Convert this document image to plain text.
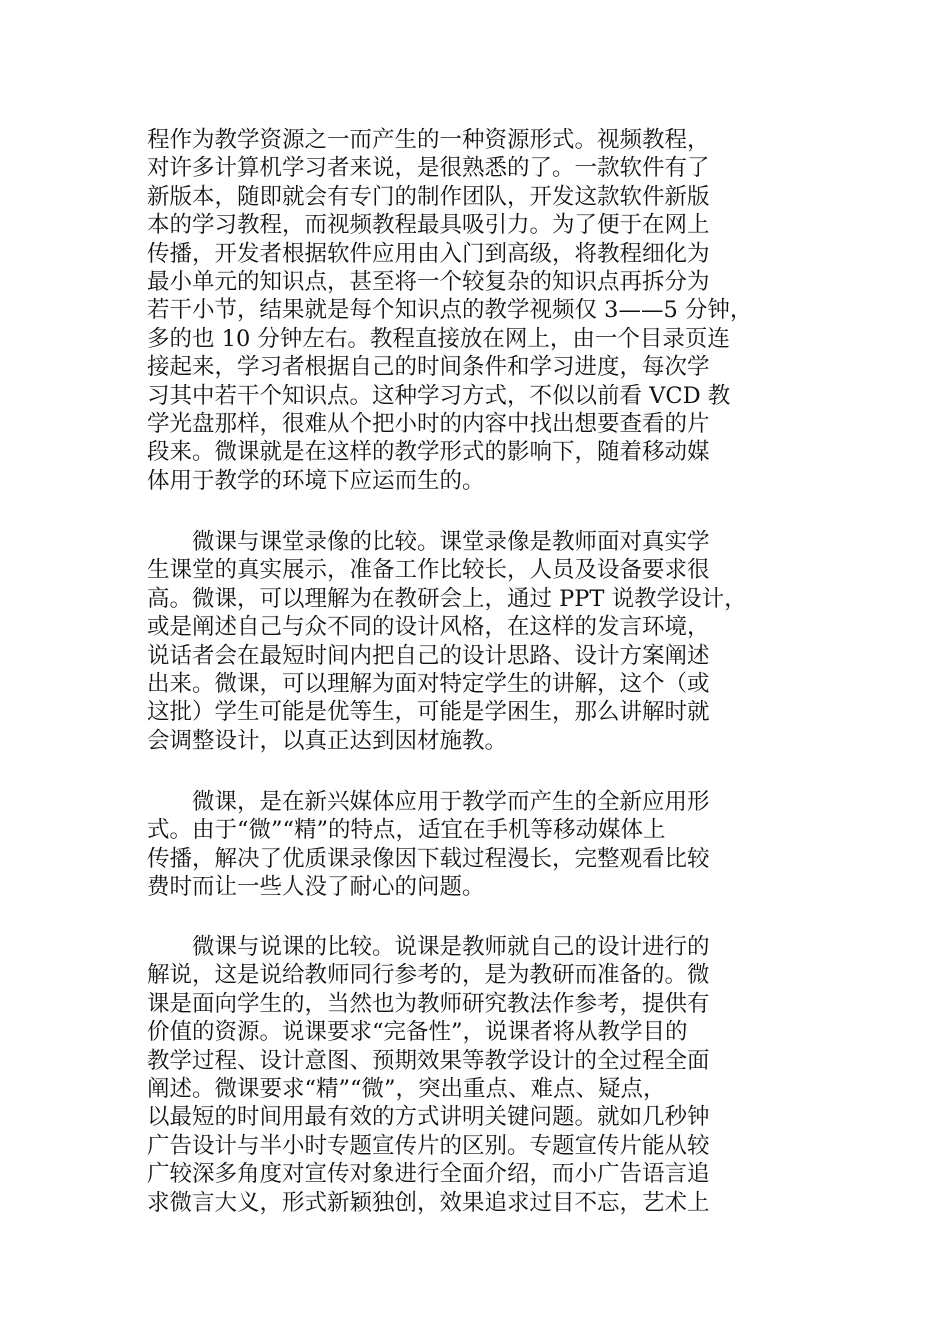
程作为教学资源之一而产生的一种资源形式。视频教程，
对许多计算机学习者来说，是很熟悉的了。一款软件有了
新版本，随即就会有专门的制作团队，开发这款软件新版
本的学习教程，而视频教程最具吸引力。为了便于在网上
传播，开发者根据软件应用由入门到高级，将教程细化为
最小单元的知识点，甚至将一个较复杂的知识点再拆分为
若干小节，结果就是每个知识点的教学视频仅 3——5 分钟，
多的也 10 分钟左右。教程直接放在网上，由一个目录页连
接起来，学习者根据自己的时间条件和学习进度，每次学
习其中若干个知识点。这种学习方式，不似以前看 VCD 教
学光盘那样，很难从个把小时的内容中找出想要查看的片
段来。微课就是在这样的教学形式的影响下，随着移动媒
体用于教学的环境下应运而生的。
　　微课与课堂录像的比较。课堂录像是教师面对真实学
生课堂的真实展示，准备工作比较长，人员及设备要求很
高。微课，可以理解为在教研会上，通过 PPT 说教学设计，
或是阐述自己与众不同的设计风格，在这样的发言环境，
说话者会在最短时间内把自己的设计思路、设计方案阐述
出来。微课，可以理解为面对特定学生的讲解，这个（或
这批）学生可能是优等生，可能是学困生，那么讲解时就
会调整设计，以真正达到因材施教。
　　微课，是在新兴媒体应用于教学而产生的全新应用形
式。由于“微”“精”的特点，适宜在手机等移动媒体上
传播，解决了优质课录像因下载过程漫长，完整观看比较
费时而让一些人没了耐心的问题。
　　微课与说课的比较。说课是教师就自己的设计进行的
解说，这是说给教师同行参考的，是为教研而准备的。微
课是面向学生的，当然也为教师研究教法作参考，提供有
价值的资源。说课要求“完备性”，说课者将从教学目的
教学过程、设计意图、预期效果等教学设计的全过程全面
阐述。微课要求“精”“微”，突出重点、难点、疑点，
以最短的时间用最有效的方式讲明关键问题。就如几秒钟
广告设计与半小时专题宣传片的区别。专题宣传片能从较
广较深多角度对宣传对象进行全面介绍，而小广告语言追
求微言大义，形式新颖独创，效果追求过目不忘，艺术上
